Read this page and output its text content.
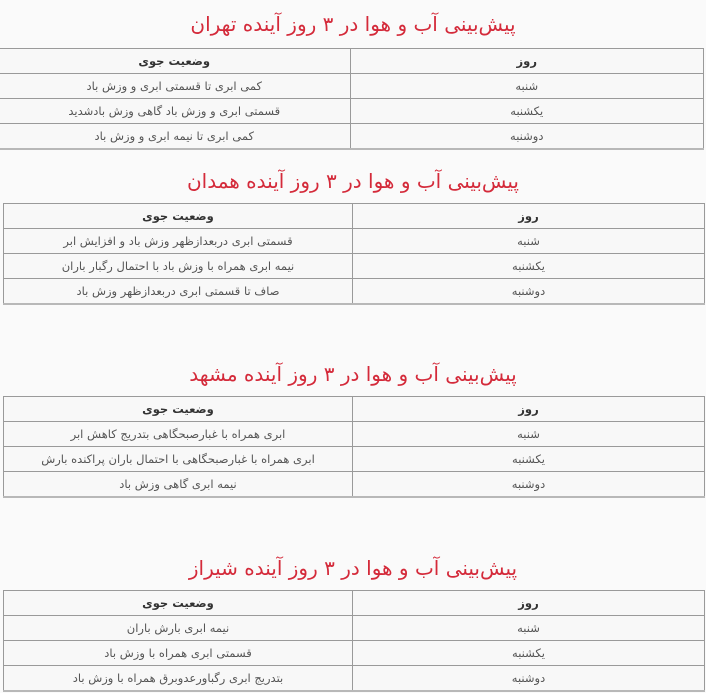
پیش‌بینی آب و هوا در ۳ روز آینده تهران
روز	وضعیت جوی
شنبه	کمی ابری تا قسمتی ابری و وزش باد
یکشنبه	قسمتی ابری و وزش باد گاهی وزش بادشدید
دوشنبه	کمی ابری تا نیمه ابری و وزش باد
پیش‌بینی آب و هوا در ۳ روز آینده همدان
روز	وضعیت جوی
شنبه	قسمتی ابری دربعدازظهر وزش باد و افزایش ابر
یکشنبه	نیمه ابری همراه با وزش باد با احتمال رگبار باران
دوشنبه	صاف تا قسمتی ابری دربعدازظهر وزش باد
پیش‌بینی آب و هوا در ۳ روز آینده مشهد
روز	وضعیت جوی
شنبه	ابری همراه با غبارصبحگاهی بتدریج کاهش ابر
یکشنبه	ابری همراه با غبارصبحگاهی با احتمال باران پراکنده بارش
دوشنبه	نیمه ابری گاهی وزش باد
پیش‌بینی آب و هوا در ۳ روز آینده شیراز
روز	وضعیت جوی
شنبه	نیمه ابری بارش باران
یکشنبه	قسمتی ابری همراه با وزش باد
دوشنبه	بتدریج ابری رگباورعدوبرق همراه با وزش باد
